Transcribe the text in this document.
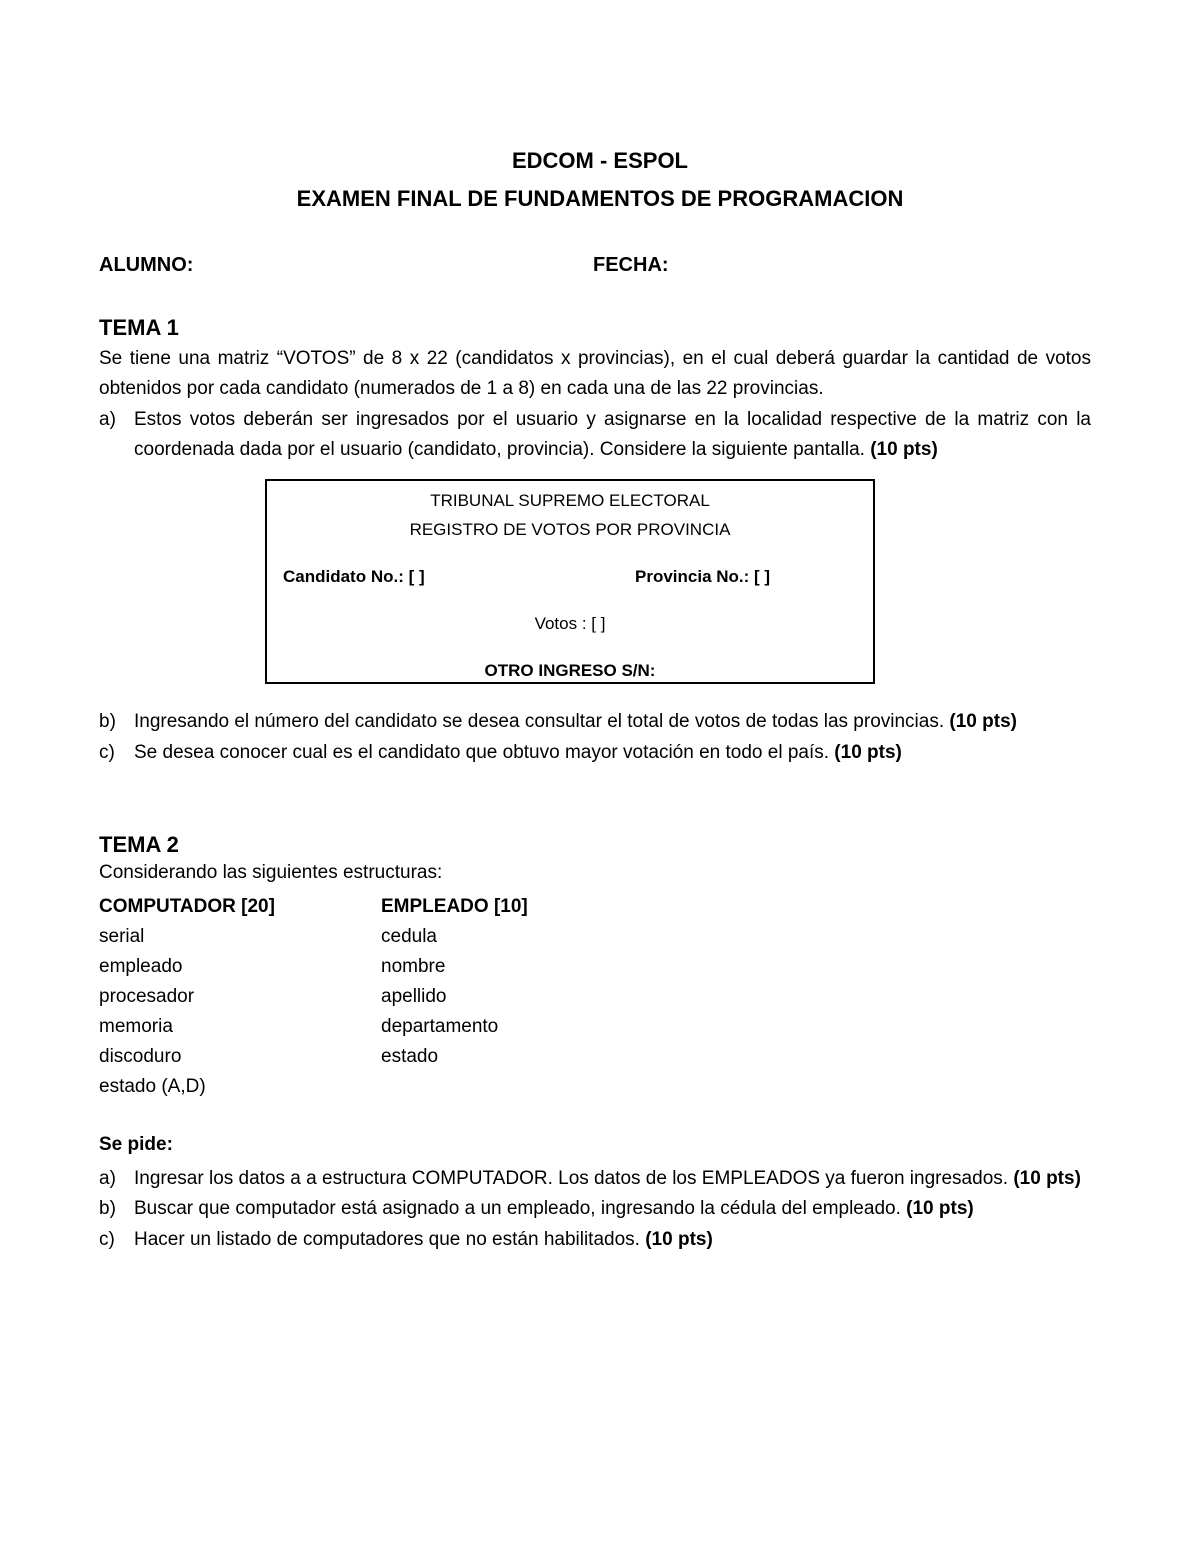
EDCOM - ESPOL
EXAMEN FINAL DE FUNDAMENTOS DE PROGRAMACION
ALUMNO:	FECHA:
TEMA 1
Se tiene una matriz “VOTOS” de 8 x 22 (candidatos x provincias), en el cual deberá guardar la cantidad de votos obtenidos por cada candidato (numerados de 1 a 8) en cada una de las 22 provincias.
a) Estos votos deberán ser ingresados por el usuario y asignarse en la localidad respective de la matriz con la coordenada dada por el usuario (candidato, provincia). Considere la siguiente pantalla. (10 pts)
TRIBUNAL SUPREMO ELECTORAL
REGISTRO DE VOTOS POR PROVINCIA
Candidato No.: [ ]	Provincia No.: [ ]
Votos : [ ]
OTRO INGRESO S/N:
b) Ingresando el número del candidato se desea consultar el total de votos de todas las provincias. (10 pts)
c) Se desea conocer cual es el candidato que obtuvo mayor votación en todo el país. (10 pts)
TEMA 2
Considerando las siguientes estructuras:
COMPUTADOR [20]
serial
empleado
procesador
memoria
discoduro
estado (A,D)
EMPLEADO [10]
cedula
nombre
apellido
departamento
estado
Se pide:
a) Ingresar los datos a a estructura COMPUTADOR. Los datos de los EMPLEADOS ya fueron ingresados. (10 pts)
b) Buscar que computador está asignado a un empleado, ingresando la cédula del empleado. (10 pts)
c) Hacer un listado de computadores que no están habilitados. (10 pts)
